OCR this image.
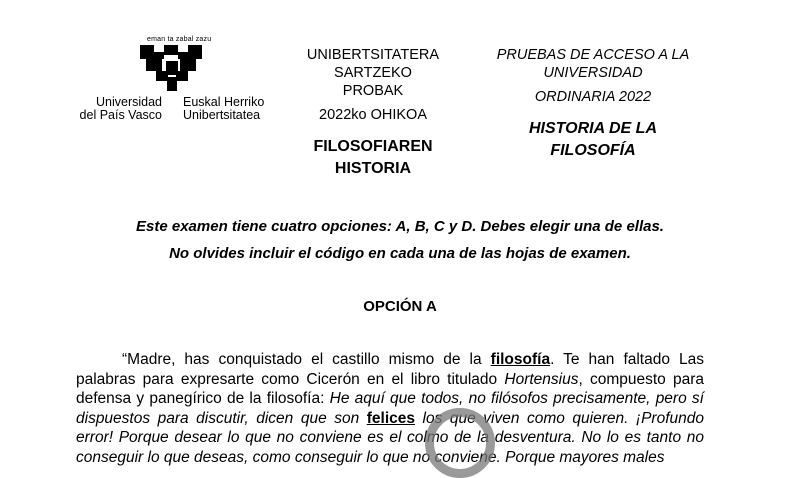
eman ta zabal zazu
Universidad
del País Vasco
Euskal Herriko
Unibertsitatea
UNIBERTSITATERA SARTZEKO
PROBAK
2022ko OHIKOA
FILOSOFIAREN
HISTORIA
PRUEBAS DE ACCESO A LA
UNIVERSIDAD
ORDINARIA 2022
HISTORIA DE LA
FILOSOFÍA
Este examen tiene cuatro opciones: A, B, C y D. Debes elegir una de ellas.
No olvides incluir el código en cada una de las hojas de examen.
OPCIÓN A
“Madre, has conquistado el castillo mismo de la filosofía. Te han faltado Las palabras para expresarte como Cicerón en el libro titulado Hortensius, compuesto para defensa y panegírico de la filosofía: He aquí que todos, no filósofos precisamente, pero sí dispuestos para discutir, dicen que son felices los que viven como quieren. ¡Profundo error! Porque desear lo que no conviene es el colmo de la desventura. No lo es tanto no conseguir lo que deseas, como conseguir lo que no conviene. Porque mayores males
